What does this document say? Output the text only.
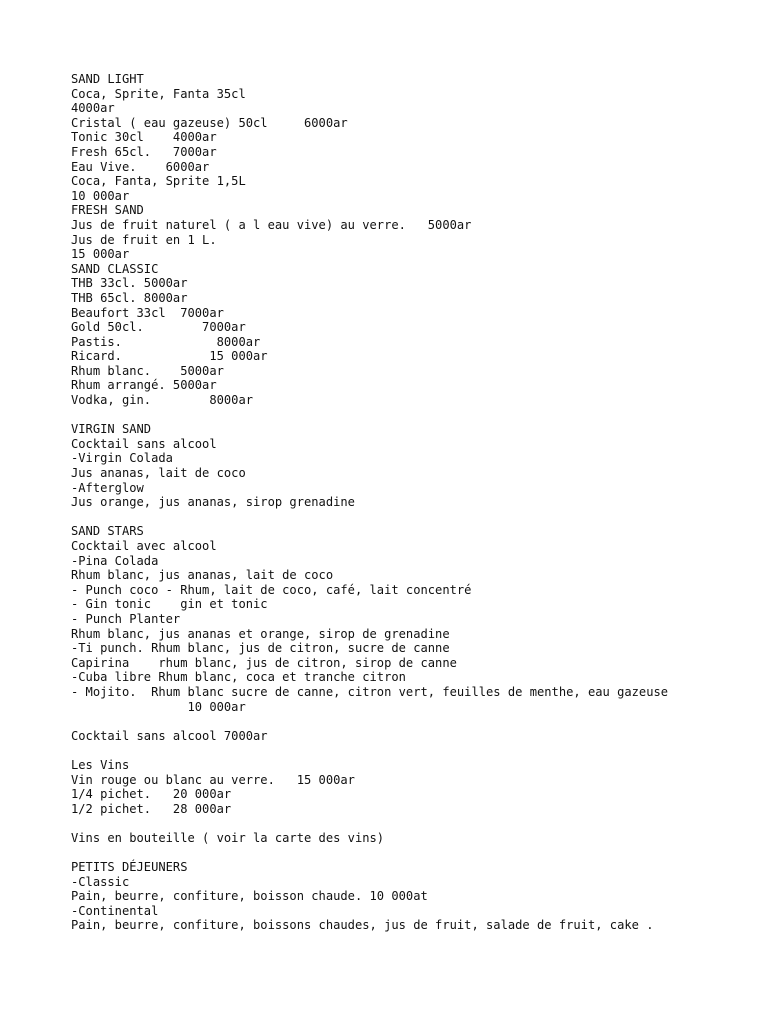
SAND LIGHT
Coca, Sprite, Fanta 35cl
4000ar
Cristal ( eau gazeuse) 50cl     6000ar
Tonic 30cl    4000ar
Fresh 65cl.   7000ar
Eau Vive.    6000ar
Coca, Fanta, Sprite 1,5L
10 000ar
FRESH SAND
Jus de fruit naturel ( a l eau vive) au verre.   5000ar
Jus de fruit en 1 L.
15 000ar
SAND CLASSIC
THB 33cl. 5000ar
THB 65cl. 8000ar
Beaufort 33cl  7000ar
Gold 50cl.        7000ar
Pastis.             8000ar
Ricard.            15 000ar
Rhum blanc.    5000ar
Rhum arrangé. 5000ar
Vodka, gin.        8000ar
VIRGIN SAND
Cocktail sans alcool
-Virgin Colada
Jus ananas, lait de coco
-Afterglow
Jus orange, jus ananas, sirop grenadine
SAND STARS
Cocktail avec alcool
-Pina Colada
Rhum blanc, jus ananas, lait de coco
- Punch coco - Rhum, lait de coco, café, lait concentré
- Gin tonic    gin et tonic
- Punch Planter
Rhum blanc, jus ananas et orange, sirop de grenadine
-Ti punch. Rhum blanc, jus de citron, sucre de canne
Capirina    rhum blanc, jus de citron, sirop de canne
-Cuba libre Rhum blanc, coca et tranche citron
- Mojito.  Rhum blanc sucre de canne, citron vert, feuilles de menthe, eau gazeuse
10 000ar
Cocktail sans alcool 7000ar
Les Vins
Vin rouge ou blanc au verre.   15 000ar
1/4 pichet.   20 000ar
1/2 pichet.   28 000ar
Vins en bouteille ( voir la carte des vins)
PETITS DÉJEUNERS
-Classic
Pain, beurre, confiture, boisson chaude. 10 000at
-Continental
Pain, beurre, confiture, boissons chaudes, jus de fruit, salade de fruit, cake .
